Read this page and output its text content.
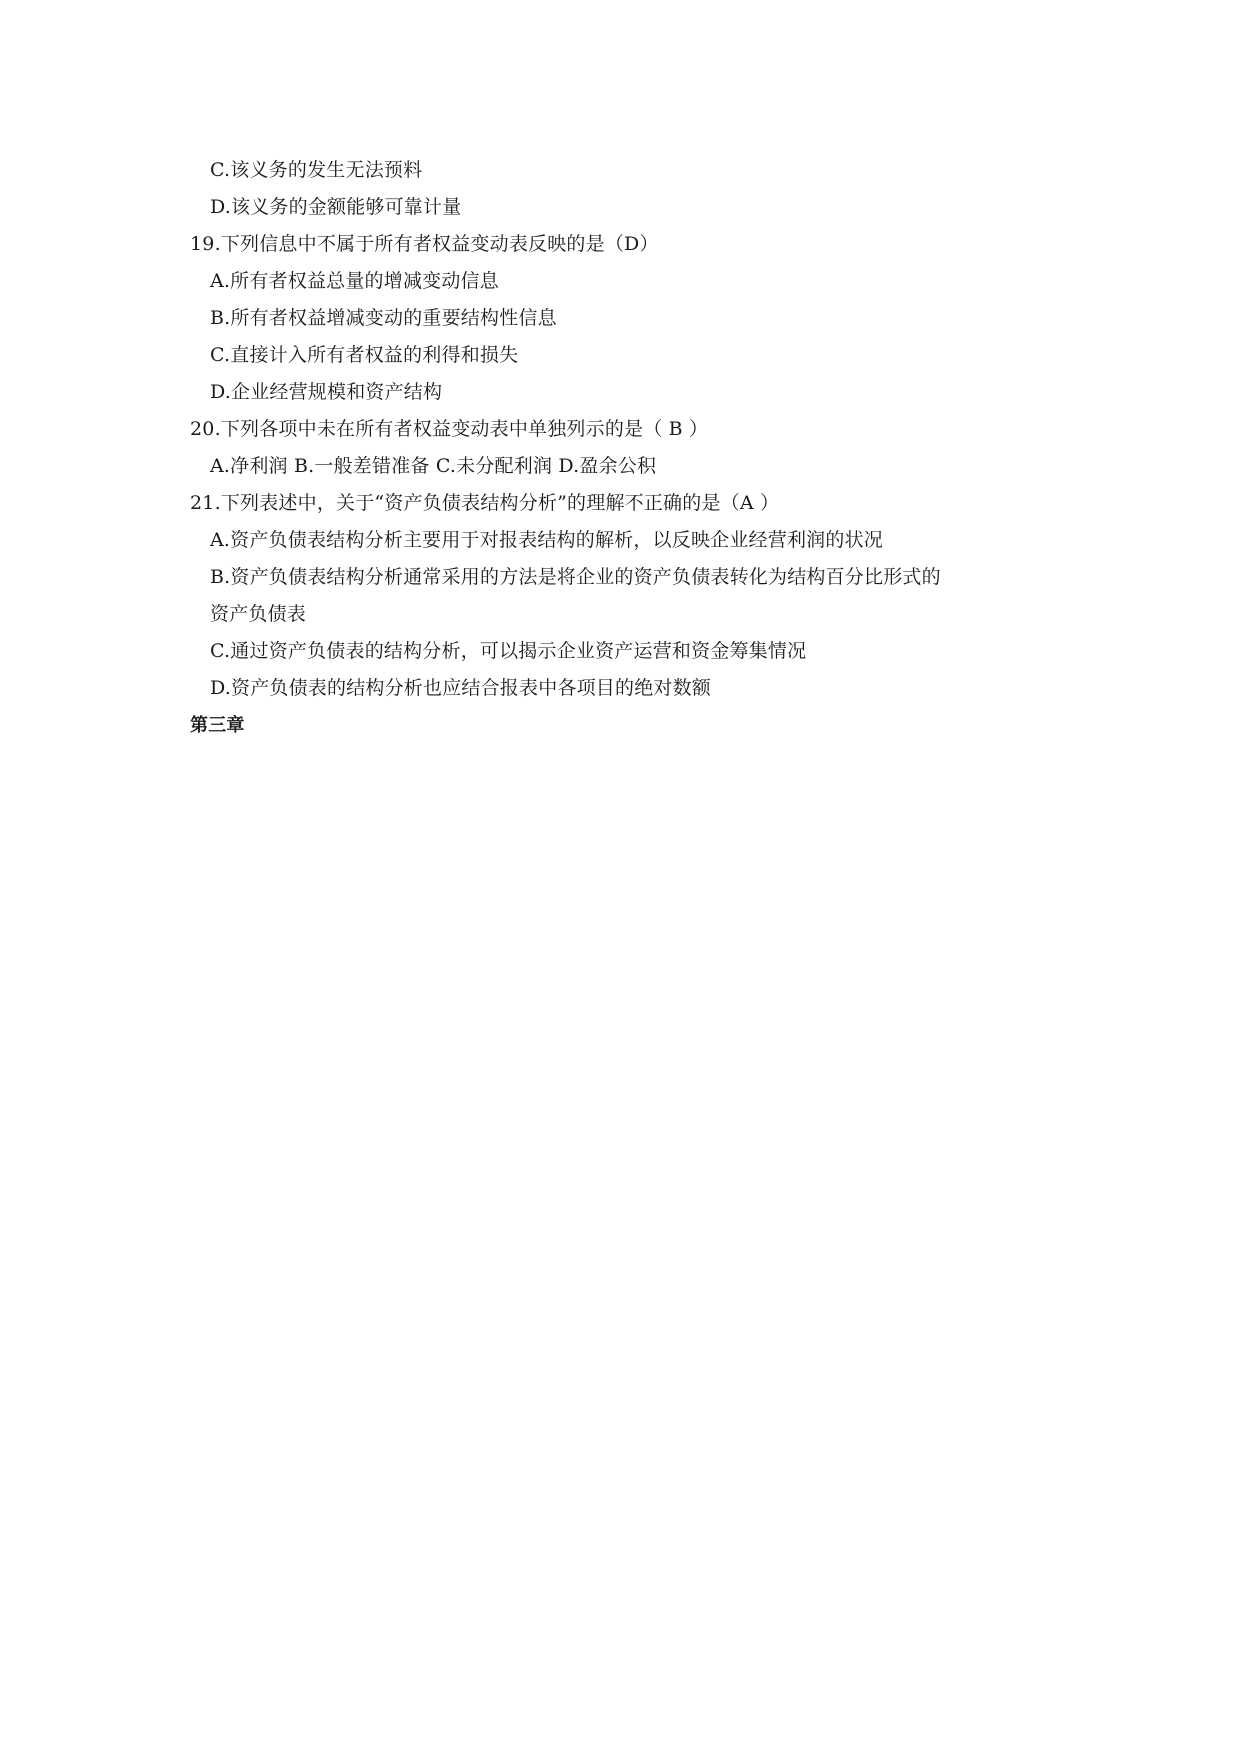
C.该义务的发生无法预料
D.该义务的金额能够可靠计量
19.下列信息中不属于所有者权益变动表反映的是（D）
A.所有者权益总量的增减变动信息
B.所有者权益增减变动的重要结构性信息
C.直接计入所有者权益的利得和损失
D.企业经营规模和资产结构
20.下列各项中未在所有者权益变动表中单独列示的是（ B ）
A.净利润 B.一般差错准备 C.未分配利润 D.盈余公积
21.下列表述中，关于“资产负债表结构分析”的理解不正确的是（A ）
A.资产负债表结构分析主要用于对报表结构的解析，以反映企业经营利润的状况
B.资产负债表结构分析通常采用的方法是将企业的资产负债表转化为结构百分比形式的
资产负债表
C.通过资产负债表的结构分析，可以揭示企业资产运营和资金筹集情况
D.资产负债表的结构分析也应结合报表中各项目的绝对数额
第三章
